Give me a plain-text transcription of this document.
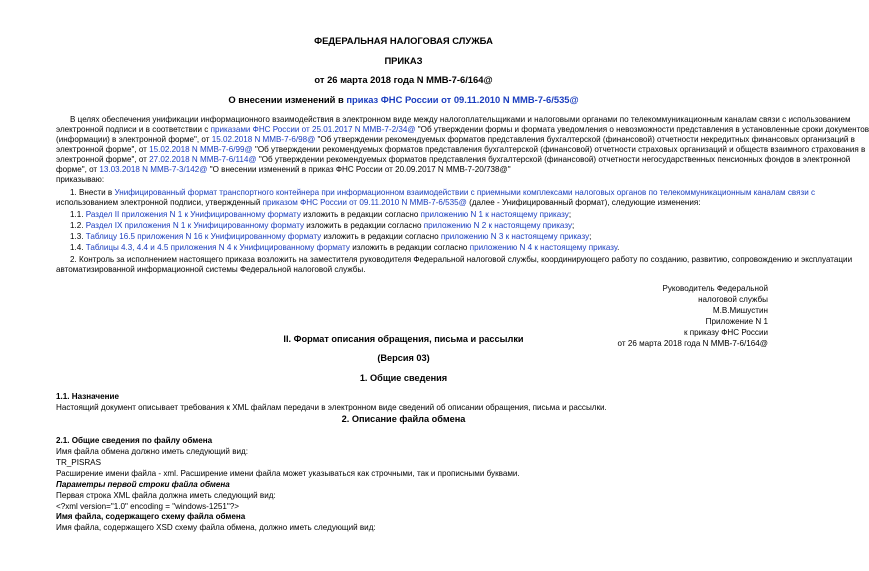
ФЕДЕРАЛЬНАЯ НАЛОГОВАЯ СЛУЖБА
ПРИКАЗ
от 26 марта 2018 года N ММВ-7-6/164@
О внесении изменений в приказ ФНС России от 09.11.2010 N ММВ-7-6/535@
В целях обеспечения унификации информационного взаимодействия в электронном виде между налогоплательщиками и налоговыми органами по телекоммуникационным каналам связи с использованием
электронной подписи и в соответствии с приказами ФНС России от 25.01.2017 N ММВ-7-2/34@ "Об утверждении формы и формата уведомления о невозможности представления в установленные сроки документов
(информации) в электронной форме", от 15.02.2018 N ММВ-7-6/98@ "Об утверждении рекомендуемых форматов представления бухгалтерской (финансовой) отчетности некредитных финансовых организаций в
электронной форме", от 15.02.2018 N ММВ-7-6/99@ "Об утверждении рекомендуемых форматов представления бухгалтерской (финансовой) отчетности страховых организаций и обществ взаимного страхования в
электронной форме", от 27.02.2018 N ММВ-7-6/114@ "Об утверждении рекомендуемых форматов представления бухгалтерской (финансовой) отчетности негосударственных пенсионных фондов в электронной
форме", от 13.03.2018 N ММВ-7-3/142@ "О внесении изменений в приказ ФНС России от 20.09.2017 N ММВ-7-20/738@"
приказываю:
1. Внести в Унифицированный формат транспортного контейнера при информационном взаимодействии с приемными комплексами налоговых органов по телекоммуникационным каналам связи с
использованием электронной подписи, утвержденный приказом ФНС России от 09.11.2010 N ММВ-7-6/535@ (далее - Унифицированный формат), следующие изменения:
1.1. Раздел II приложения N 1 к Унифицированному формату изложить в редакции согласно приложению N 1 к настоящему приказу;
1.2. Раздел IX приложения N 1 к Унифицированному формату изложить в редакции согласно приложению N 2 к настоящему приказу;
1.3. Таблицу 16.5 приложения N 16 к Унифицированному формату изложить в редакции согласно приложению N 3 к настоящему приказу;
1.4. Таблицы 4.3, 4.4 и 4.5 приложения N 4 к Унифицированному формату изложить в редакции согласно приложению N 4 к настоящему приказу.
2. Контроль за исполнением настоящего приказа возложить на заместителя руководителя Федеральной налоговой службы, координирующего работу по созданию, развитию, сопровождению и эксплуатации
автоматизированной информационной системы Федеральной налоговой службы.
Руководитель Федеральной
налоговой службы
М.В.Мишустин
Приложение N 1
к приказу ФНС России
от 26 марта 2018 года N ММВ-7-6/164@
II. Формат описания обращения, письма и рассылки
(Версия 03)
1. Общие сведения
1.1. Назначение
Настоящий документ описывает требования к XML файлам передачи в электронном виде сведений об описании обращения, письма и рассылки.
2. Описание файла обмена
2.1. Общие сведения по файлу обмена
Имя файла обмена должно иметь следующий вид:
TR_PISRAS
Расширение имени файла - xml. Расширение имени файла может указываться как строчными, так и прописными буквами.
Параметры первой строки файла обмена
Первая строка XML файла должна иметь следующий вид:
<?xml version="1.0" encoding = "windows-1251"?>
Имя файла, содержащего схему файла обмена
Имя файла, содержащего XSD схему файла обмена, должно иметь следующий вид:
